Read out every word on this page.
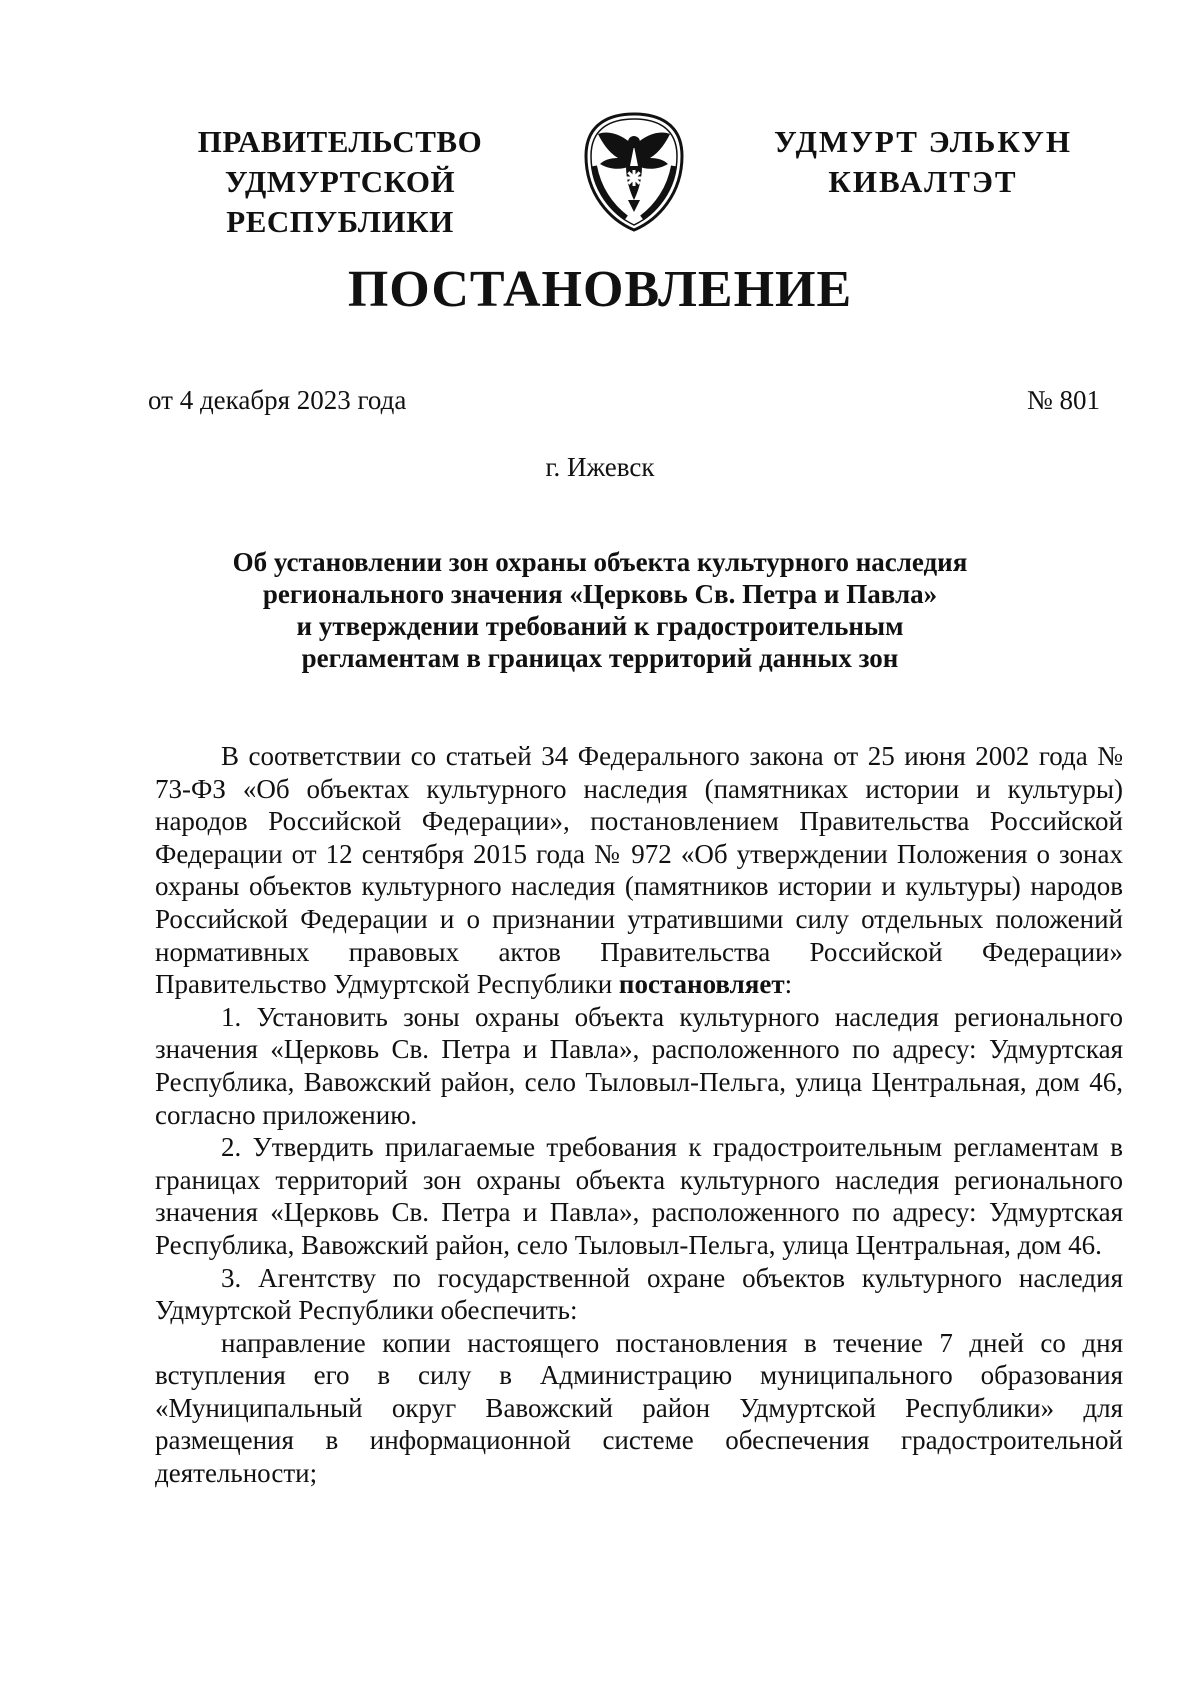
ПРАВИТЕЛЬСТВО
УДМУРТСКОЙ РЕСПУБЛИКИ
УДМУРТ ЭЛЬКУН
КИВАЛТЭТ
ПОСТАНОВЛЕНИЕ
от 4 декабря 2023 года	№ 801
г. Ижевск
Об установлении зон охраны объекта культурного наследия
регионального значения «Церковь Св. Петра и Павла»
и утверждении требований к градостроительным
регламентам в границах территорий данных зон

В соответствии со статьей 34 Федерального закона от 25 июня 2002 года № 73-ФЗ «Об объектах культурного наследия (памятниках истории и культуры) народов Российской Федерации», постановлением Правительства Российской Федерации от 12 сентября 2015 года № 972 «Об утверждении Положения о зонах охраны объектов культурного наследия (памятников истории и культуры) народов Российской Федерации и о признании утратившими силу отдельных положений нормативных правовых актов Правительства Российской Федерации» Правительство Удмуртской Республики постановляет:

1. Установить зоны охраны объекта культурного наследия регионального значения «Церковь Св. Петра и Павла», расположенного по адресу: Удмуртская Республика, Вавожский район, село Тыловыл-Пельга, улица Центральная, дом 46, согласно приложению.

2. Утвердить прилагаемые требования к градостроительным регламентам в границах территорий зон охраны объекта культурного наследия регионального значения «Церковь Св. Петра и Павла», расположенного по адресу: Удмуртская Республика, Вавожский район, село Тыловыл-Пельга, улица Центральная, дом 46.

3. Агентству по государственной охране объектов культурного наследия Удмуртской Республики обеспечить:

направление копии настоящего постановления в течение 7 дней со дня вступления его в силу в Администрацию муниципального образования «Муниципальный округ Вавожский район Удмуртской Республики» для размещения в информационной системе обеспечения градостроительной деятельности;
